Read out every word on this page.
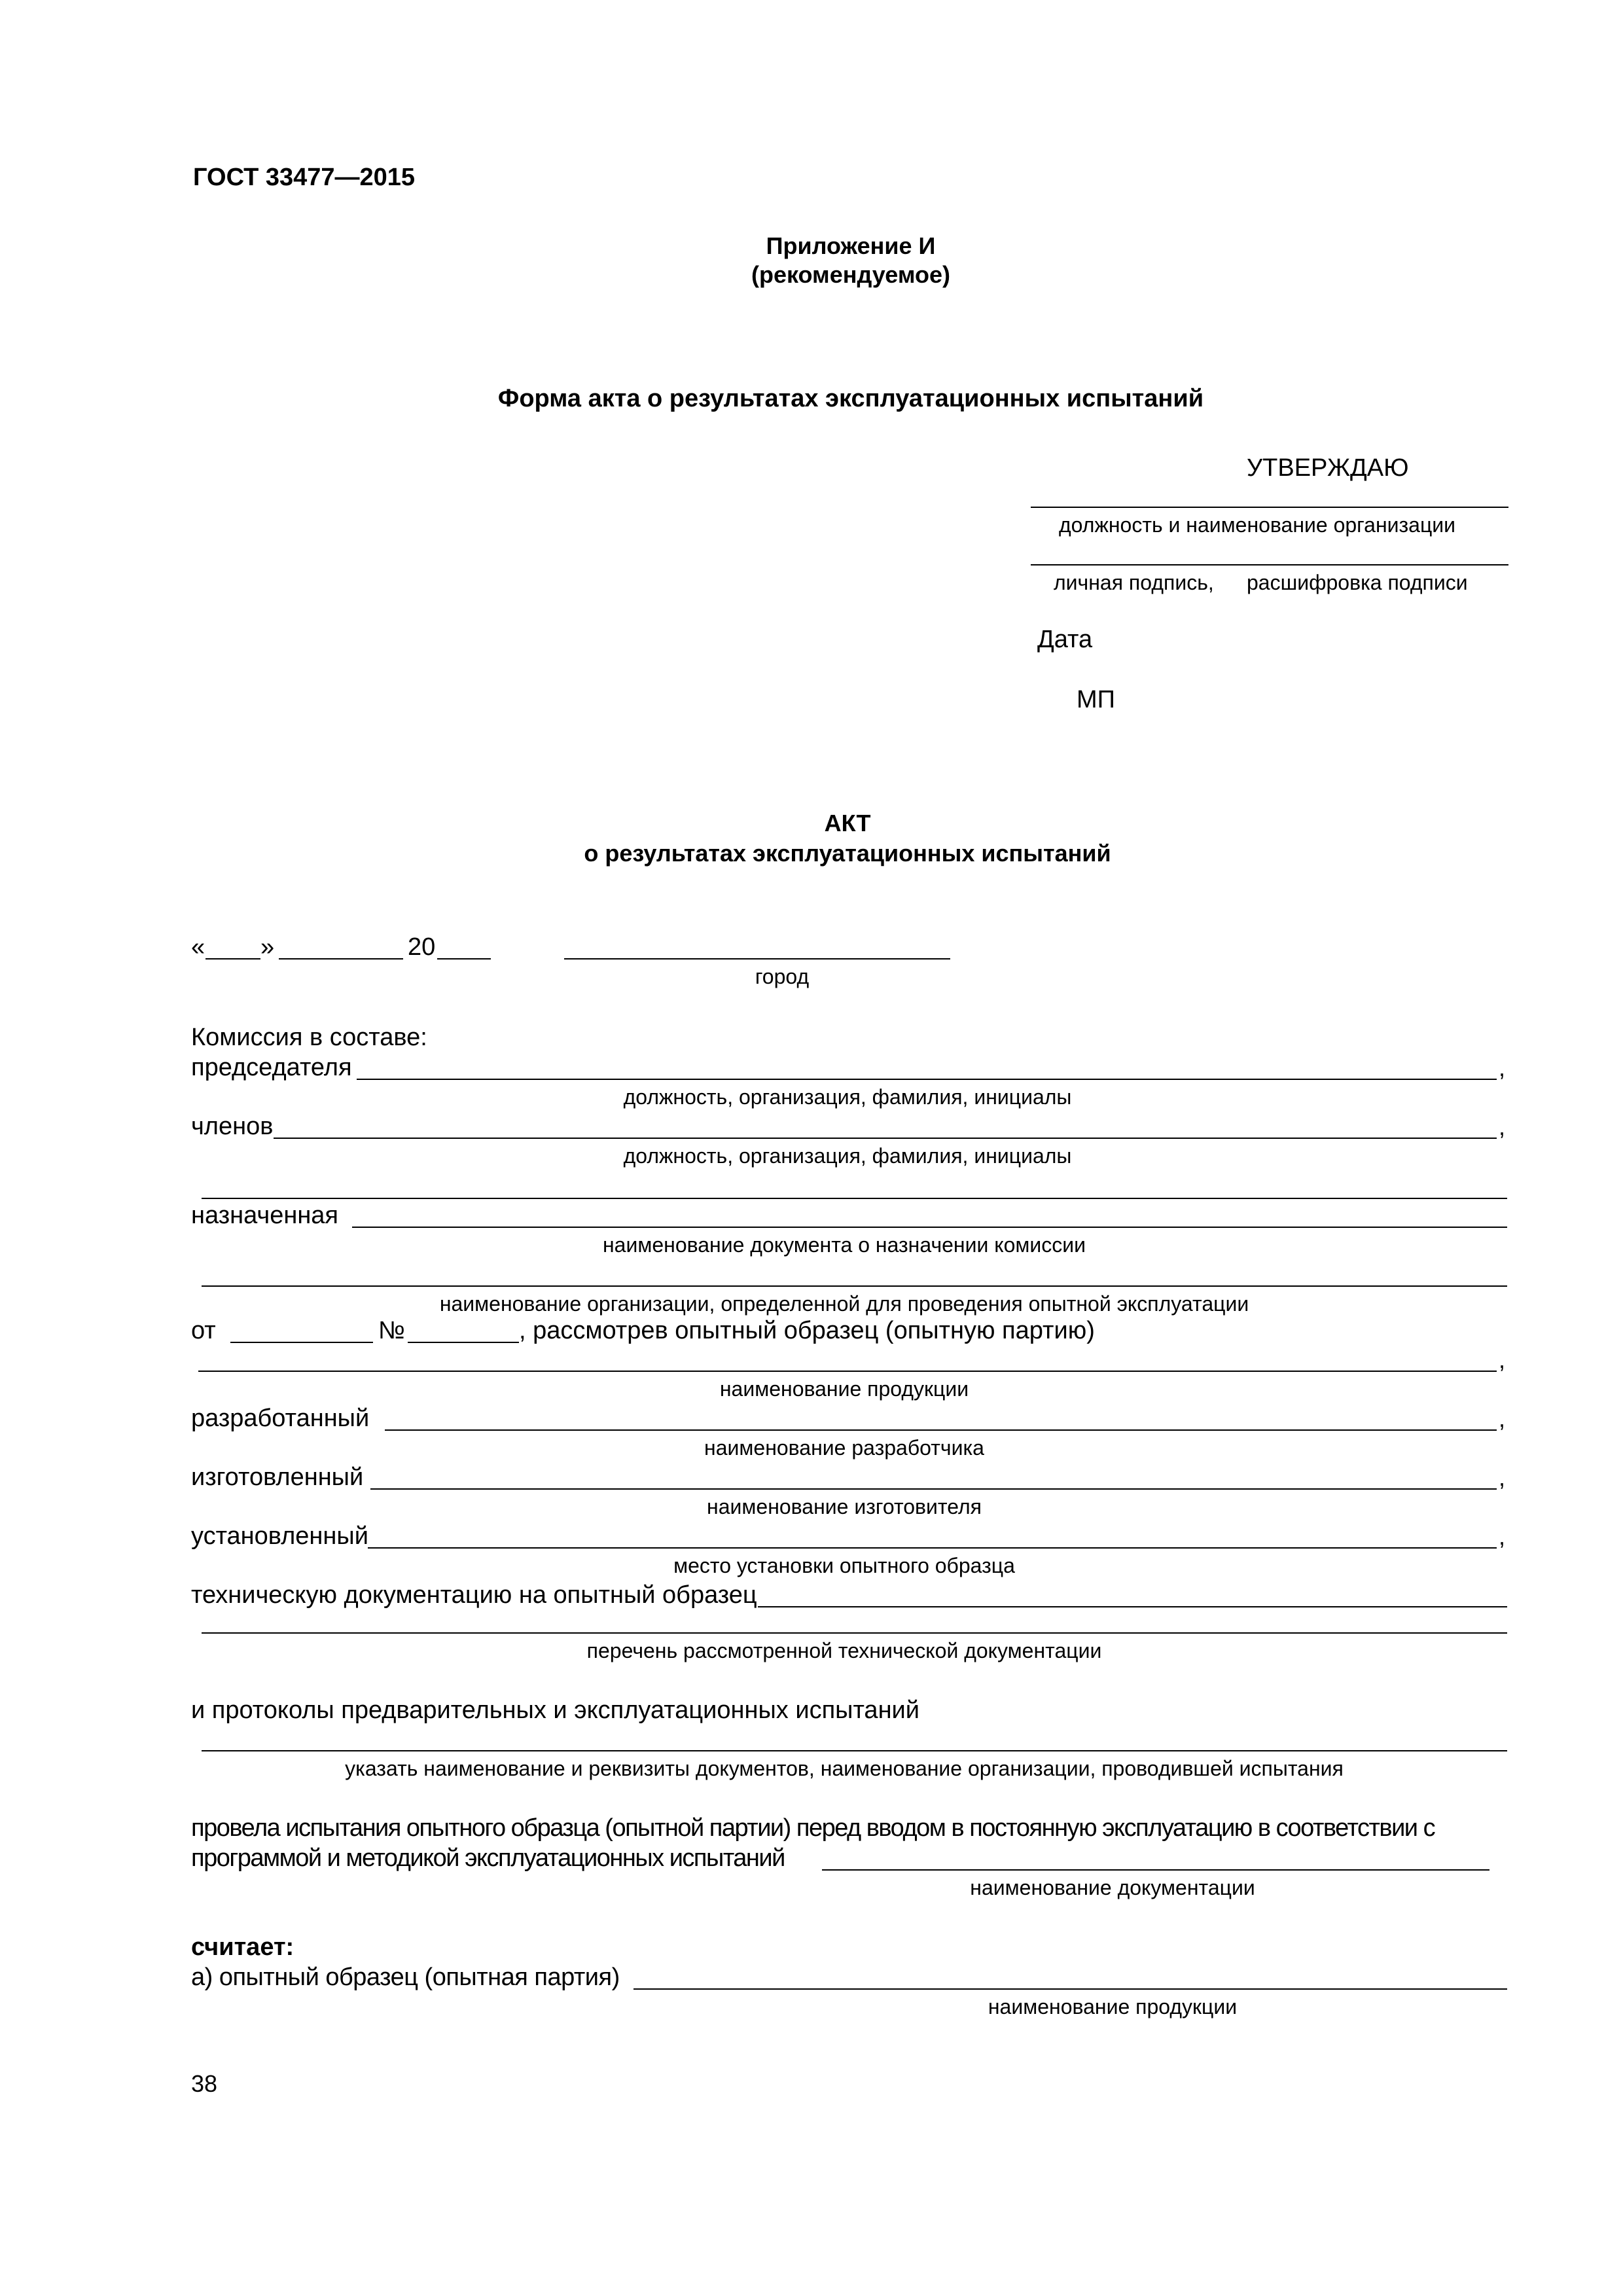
ГОСТ 33477—2015
Приложение И
(рекомендуемое)
Форма акта о результатах эксплуатационных испытаний
УТВЕРЖДАЮ
должность и наименование организации
личная подпись, расшифровка подписи
Дата
МП
АКТ
о результатах эксплуатационных испытаний
« »	20
город
Комиссия в составе:
председателя	,
должность, организация, фамилия, инициалы
членов	,
должность, организация, фамилия, инициалы
назначенная
наименование документа о назначении комиссии
наименование организации, определенной для проведения опытной эксплуатации
от	№	, рассмотрев опытный образец (опытную партию)
,
наименование продукции
разработанный	,
наименование разработчика
изготовленный	,
наименование изготовителя
установленный	,
место установки опытного образца
техническую документацию на опытный образец
перечень рассмотренной технической документации
и протоколы предварительных и эксплуатационных испытаний
указать наименование и реквизиты документов, наименование организации, проводившей испытания
провела испытания опытного образца (опытной партии) перед вводом в постоянную эксплуатацию в соответствии с
программой и методикой эксплуатационных испытаний
наименование документации
считает:
а) опытный образец (опытная партия)
наименование продукции
38
